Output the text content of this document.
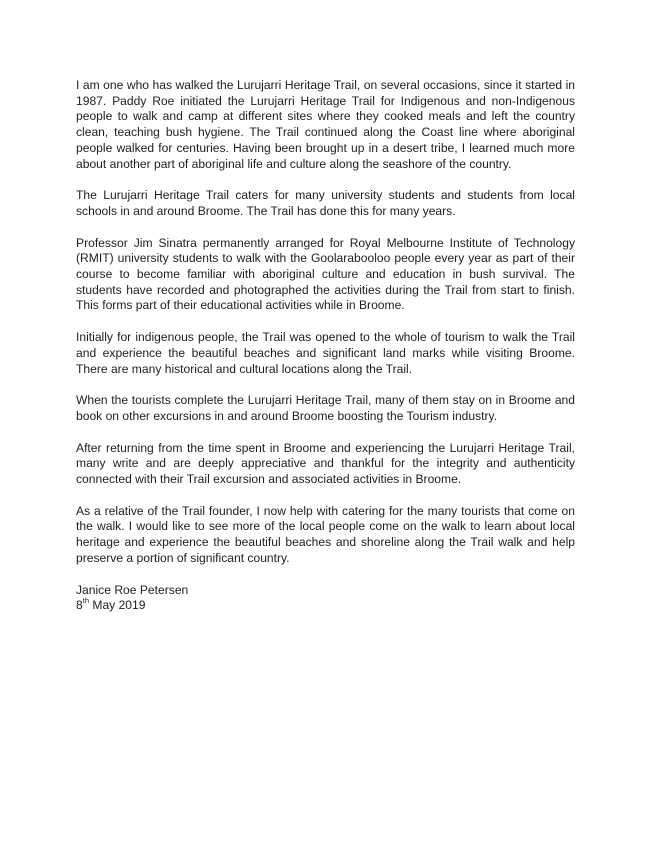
I am one who has walked the Lurujarri Heritage Trail, on several occasions, since it started in 1987. Paddy Roe initiated the Lurujarri Heritage Trail for Indigenous and non-Indigenous people to walk and camp at different sites where they cooked meals and left the country clean, teaching bush hygiene. The Trail continued along the Coast line where aboriginal people walked for centuries. Having been brought up in a desert tribe, I learned much more about another part of aboriginal life and culture along the seashore of the country.

The Lurujarri Heritage Trail caters for many university students and students from local schools in and around Broome. The Trail has done this for many years.

Professor Jim Sinatra permanently arranged for Royal Melbourne Institute of Technology (RMIT) university students to walk with the Goolarabooloo people every year as part of their course to become familiar with aboriginal culture and education in bush survival. The students have recorded and photographed the activities during the Trail from start to finish. This forms part of their educational activities while in Broome.

Initially for indigenous people, the Trail was opened to the whole of tourism to walk the Trail and experience the beautiful beaches and significant land marks while visiting Broome. There are many historical and cultural locations along the Trail.

When the tourists complete the Lurujarri Heritage Trail, many of them stay on in Broome and book on other excursions in and around Broome boosting the Tourism industry.

After returning from the time spent in Broome and experiencing the Lurujarri Heritage Trail, many write and are deeply appreciative and thankful for the integrity and authenticity connected with their Trail excursion and associated activities in Broome.

As a relative of the Trail founder, I now help with catering for the many tourists that come on the walk. I would like to see more of the local people come on the walk to learn about local heritage and experience the beautiful beaches and shoreline along the Trail walk and help preserve a portion of significant country.

Janice Roe Petersen
8th May 2019
